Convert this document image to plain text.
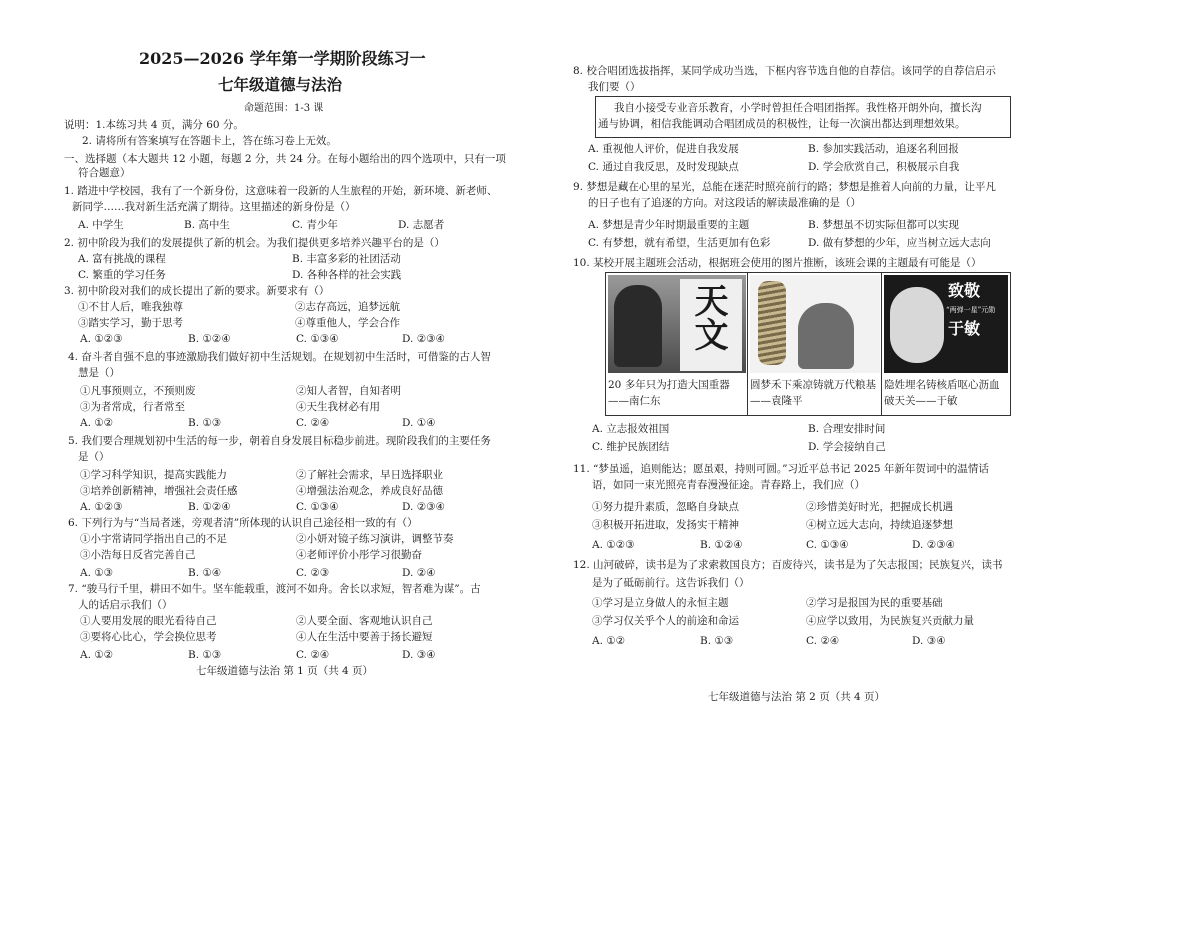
2025—2026 学年第一学期阶段练习一
七年级道德与法治
命题范围：1-3 课
说明：1.本练习共 4 页，满分 60 分。
2. 请将所有答案填写在答题卡上，答在练习卷上无效。
一、选择题（本大题共 12 小题，每题 2 分，共 24 分。在每小题给出的四个选项中，只有一项
符合题意）
1. 踏进中学校园，我有了一个新身份，这意味着一段新的人生旅程的开始，新环境、新老师、
新同学……我对新生活充满了期待。这里描述的新身份是（）
A. 中学生	B. 高中生	C. 青少年	D. 志愿者
2. 初中阶段为我们的发展提供了新的机会。为我们提供更多培养兴趣平台的是（）
A. 富有挑战的课程	B. 丰富多彩的社团活动
C. 繁重的学习任务	D. 各种各样的社会实践
3. 初中阶段对我们的成长提出了新的要求。新要求有（）
①不甘人后，唯我独尊	②志存高远，追梦远航
③踏实学习，勤于思考	④尊重他人，学会合作
A. ①②③	B. ①②④	C. ①③④	D. ②③④
4. 奋斗者自强不息的事迹激励我们做好初中生活规划。在规划初中生活时，可借鉴的古人智
慧是（）
①凡事预则立，不预则废	②知人者智，自知者明
③为者常成，行者常至	④天生我材必有用
A. ①②	B. ①③	C. ②④	D. ①④
5. 我们要合理规划初中生活的每一步，朝着自身发展目标稳步前进。现阶段我们的主要任务
是（）
①学习科学知识，提高实践能力	②了解社会需求，早日选择职业
③培养创新精神，增强社会责任感	④增强法治观念，养成良好品德
A. ①②③	B. ①②④	C. ①③④	D. ②③④
6. 下列行为与“当局者迷，旁观者清”所体现的认识自己途径相一致的有（）
①小宇常请同学指出自己的不足	②小妍对镜子练习演讲，调整节奏
③小浩每日反省完善自己	④老师评价小彤学习很勤奋
A. ①③	B. ①④	C. ②③	D. ②④
7. “骏马行千里，耕田不如牛。坚车能载重，渡河不如舟。舍长以求短，智者难为谋”。古
人的话启示我们（）
①人要用发展的眼光看待自己	②人要全面、客观地认识自己
③要将心比心，学会换位思考	④人在生活中要善于扬长避短
A. ①②	B. ①③	C. ②④	D. ③④
七年级道德与法治 第 1 页（共 4 页）
8. 校合唱团选拔指挥，某同学成功当选，下框内容节选自他的自荐信。该同学的自荐信启示
我们要（）
我自小接受专业音乐教育，小学时曾担任合唱团指挥。我性格开朗外向，擅长沟
通与协调，相信我能调动合唱团成员的积极性，让每一次演出都达到理想效果。
A. 重视他人评价，促进自我发展	B. 参加实践活动，追逐名利回报
C. 通过自我反思，及时发现缺点	D. 学会欣赏自己，积极展示自我
9. 梦想是藏在心里的星光，总能在迷茫时照亮前行的路；梦想是推着人向前的力量，让平凡
的日子也有了追逐的方向。对这段话的解读最准确的是（）
A. 梦想是青少年时期最重要的主题	B. 梦想虽不切实际但都可以实现
C. 有梦想，就有希望，生活更加有色彩	D. 做有梦想的少年，应当树立远大志向
10. 某校开展主题班会活动，根据班会使用的图片推断，该班会课的主题最有可能是（）
天文
20 多年只为打造大国重器——南仁东
圆梦禾下乘凉铸就万代粮基——袁隆平
致敬
“两弹一星”元勋
于敏
隐姓埋名铸核盾呕心沥血破天关——于敏
A. 立志报效祖国	B. 合理安排时间
C. 维护民族团结	D. 学会接纳自己
11. “梦虽遥，追则能达；愿虽艰，持则可圆。”习近平总书记 2025 年新年贺词中的温情话
语，如同一束光照亮青春漫漫征途。青春路上，我们应（）
①努力提升素质，忽略自身缺点	②珍惜美好时光，把握成长机遇
③积极开拓进取，发扬实干精神	④树立远大志向，持续追逐梦想
A. ①②③	B. ①②④	C. ①③④	D. ②③④
12. 山河破碎，读书是为了求索救国良方；百废待兴，读书是为了矢志报国；民族复兴，读书
是为了砥砺前行。这告诉我们（）
①学习是立身做人的永恒主题	②学习是报国为民的重要基础
③学习仅关乎个人的前途和命运	④应学以致用，为民族复兴贡献力量
A. ①②	B. ①③	C. ②④	D. ③④
七年级道德与法治 第 2 页（共 4 页）
